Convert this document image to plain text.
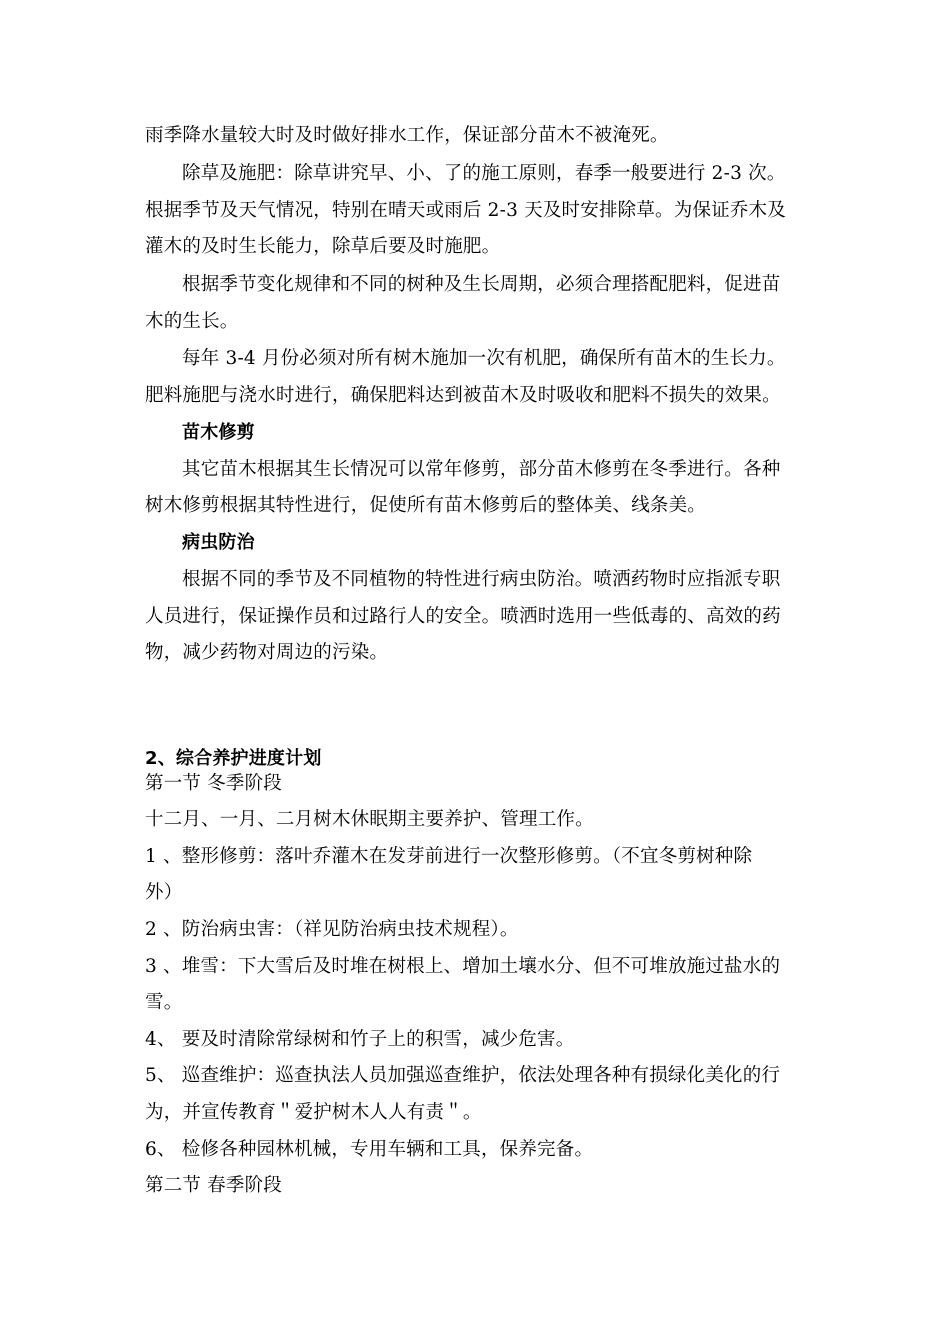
雨季降水量较大时及时做好排水工作，保证部分苗木不被淹死。
除草及施肥：除草讲究早、小、了的施工原则，春季一般要进行 2-3 次。
根据季节及天气情况，特别在晴天或雨后 2-3 天及时安排除草。为保证乔木及
灌木的及时生长能力，除草后要及时施肥。
根据季节变化规律和不同的树种及生长周期，必须合理搭配肥料，促进苗
木的生长。
每年 3-4 月份必须对所有树木施加一次有机肥，确保所有苗木的生长力。
肥料施肥与浇水时进行，确保肥料达到被苗木及时吸收和肥料不损失的效果。
苗木修剪
其它苗木根据其生长情况可以常年修剪，部分苗木修剪在冬季进行。各种
树木修剪根据其特性进行，促使所有苗木修剪后的整体美、线条美。
病虫防治
根据不同的季节及不同植物的特性进行病虫防治。喷洒药物时应指派专职
人员进行，保证操作员和过路行人的安全。喷洒时选用一些低毒的、高效的药
物，减少药物对周边的污染。
2、综合养护进度计划
第一节 冬季阶段
十二月、一月、二月树木休眠期主要养护、管理工作。
1 、整形修剪：落叶乔灌木在发芽前进行一次整形修剪。（不宜冬剪树种除
外）
2 、防治病虫害：（祥见防治病虫技术规程）。
3 、堆雪：下大雪后及时堆在树根上、增加土壤水分、但不可堆放施过盐水的
雪。
4、 要及时清除常绿树和竹子上的积雪，减少危害。
5、 巡查维护：巡查执法人员加强巡查维护，依法处理各种有损绿化美化的行
为，并宣传教育＂爱护树木人人有责＂。
6、 检修各种园林机械，专用车辆和工具，保养完备。
第二节 春季阶段
